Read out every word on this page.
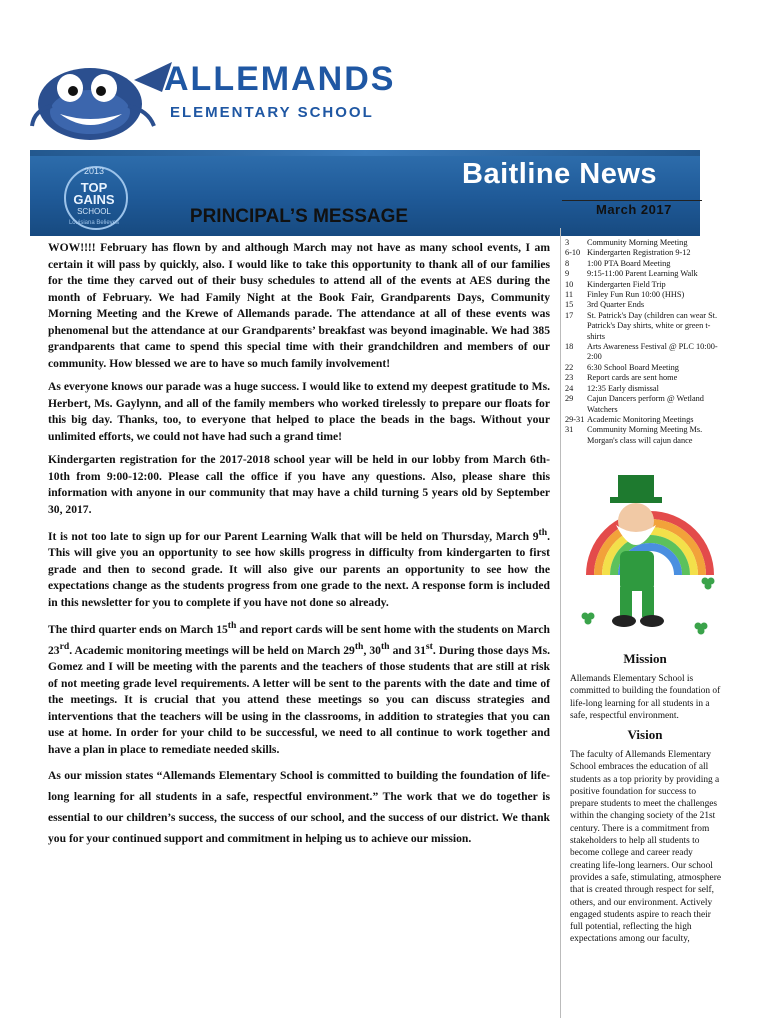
ALLEMANDS
ELEMENTARY SCHOOL
2013
TOP
GAINS
SCHOOL
Louisiana Believes
Baitline News
March 2017
PRINCIPAL’S MESSAGE

WOW!!!! February has flown by and although March may not have as many school events, I am certain it will pass by quickly, also. I would like to take this opportunity to thank all of our families for the time they carved out of their busy schedules to attend all of the events at AES during the month of February. We had Family Night at the Book Fair, Grandparents Days, Community Morning Meeting and the Krewe of Allemands parade. The attendance at all of these events was phenomenal but the attendance at our Grandparents’ breakfast was beyond imaginable. We had 385 grandparents that came to spend this special time with their grandchildren and members of our community. How blessed we are to have so much family involvement!

As everyone knows our parade was a huge success. I would like to extend my deepest gratitude to Ms. Herbert, Ms. Gaylynn, and all of the family members who worked tirelessly to prepare our floats for this big day. Thanks, too, to everyone that helped to place the beads in the bags. Without your unlimited efforts, we could not have had such a grand time!

Kindergarten registration for the 2017-2018 school year will be held in our lobby from March 6th-10th from 9:00-12:00. Please call the office if you have any questions. Also, please share this information with anyone in our community that may have a child turning 5 years old by September 30, 2017.

It is not too late to sign up for our Parent Learning Walk that will be held on Thursday, March 9th. This will give you an opportunity to see how skills progress in difficulty from kindergarten to first grade and then to second grade. It will also give our parents an opportunity to see how the expectations change as the students progress from one grade to the next. A response form is included in this newsletter for you to complete if you have not done so already.

The third quarter ends on March 15th and report cards will be sent home with the students on March 23rd. Academic monitoring meetings will be held on March 29th, 30th and 31st. During those days Ms. Gomez and I will be meeting with the parents and the teachers of those students that are still at risk of not meeting grade level requirements. A letter will be sent to the parents with the date and time of the meetings. It is crucial that you attend these meetings so you can discuss strategies and interventions that the teachers will be using in the classrooms, in addition to strategies that you can use at home. In order for your child to be successful, we need to all continue to work together and have a plan in place to remediate needed skills.

As our mission states “Allemands Elementary School is committed to building the foundation of life-long learning for all students in a safe, respectful environment.” The work that we do together is essential to our children’s success, the success of our school, and the success of our district. We thank you for your continued support and commitment in helping us to achieve our mission.

3	Community Morning Meeting
6-10 Kindergarten Registration 9-12
8	1:00 PTA Board Meeting
9	9:15-11:00 Parent Learning Walk
10	Kindergarten Field Trip
11	Finley Fun Run 10:00 (HHS)
15	3rd Quarter Ends
17	St. Patrick's Day (children can wear St. Patrick's Day shirts, white or green t-shirts
18	Arts Awareness Festival @ PLC 10:00-2:00
22	6:30 School Board Meeting
23	Report cards are sent home
24	12:35 Early dismissal
29	Cajun Dancers perform @ Wetland Watchers
29-31 Academic Monitoring Meetings
31	Community Morning Meeting Ms. Morgan's class will cajun dance
Mission

Allemands Elementary School is committed to building the foundation of life-long learning for all students in a safe, respectful environment.

Vision

The faculty of Allemands Elementary School embraces the education of all students as a top priority by providing a positive foundation for success to prepare students to meet the challenges within the changing society of the 21st century. There is a commitment from stakeholders to help all students to become college and career ready creating life-long learners. Our school provides a safe, stimulating, atmosphere that is created through respect for self, others, and our environment. Actively engaged students aspire to reach their full potential, reflecting the high expectations among our faculty,
